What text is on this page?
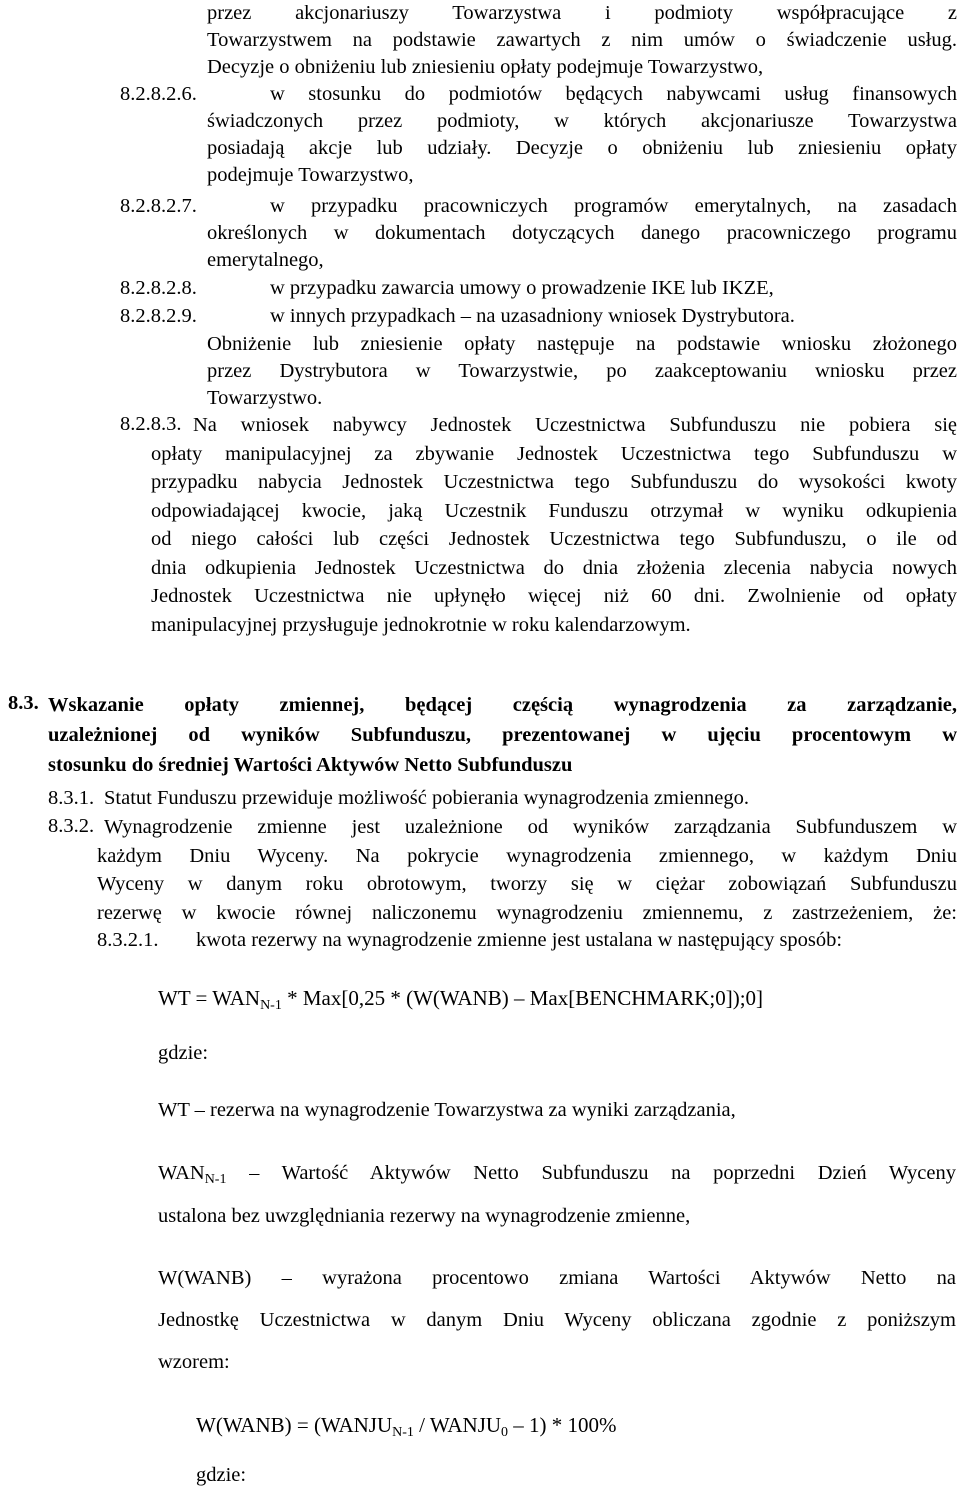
przez akcjonariuszy Towarzystwa i podmioty współpracujące z
Towarzystwem na podstawie zawartych z nim umów o świadczenie usług.
Decyzje o obniżeniu lub zniesieniu opłaty podejmuje Towarzystwo,
8.2.8.2.6.	w stosunku do podmiotów będących nabywcami usług finansowych
świadczonych przez podmioty, w których akcjonariusze Towarzystwa
posiadają akcje lub udziały. Decyzje o obniżeniu lub zniesieniu opłaty
podejmuje Towarzystwo,
8.2.8.2.7.	w przypadku pracowniczych programów emerytalnych, na zasadach
określonych w dokumentach dotyczących danego pracowniczego programu
emerytalnego,
8.2.8.2.8.	w przypadku zawarcia umowy o prowadzenie IKE lub IKZE,
8.2.8.2.9.	w innych przypadkach – na uzasadniony wniosek Dystrybutora.
Obniżenie lub zniesienie opłaty następuje na podstawie wniosku złożonego
przez Dystrybutora w Towarzystwie, po zaakceptowaniu wniosku przez
Towarzystwo.
8.2.8.3. Na wniosek nabywcy Jednostek Uczestnictwa Subfunduszu nie pobiera się
opłaty manipulacyjnej za zbywanie Jednostek Uczestnictwa tego Subfunduszu w
przypadku nabycia Jednostek Uczestnictwa tego Subfunduszu do wysokości kwoty
odpowiadającej kwocie, jaką Uczestnik Funduszu otrzymał w wyniku odkupienia
od niego całości lub części Jednostek Uczestnictwa tego Subfunduszu, o ile od
dnia odkupienia Jednostek Uczestnictwa do dnia złożenia zlecenia nabycia nowych
Jednostek Uczestnictwa nie upłynęło więcej niż 60 dni. Zwolnienie od opłaty
manipulacyjnej przysługuje jednokrotnie w roku kalendarzowym.
8.3. Wskazanie opłaty zmiennej, będącej częścią wynagrodzenia za zarządzanie,
uzależnionej od wyników Subfunduszu, prezentowanej w ujęciu procentowym w
stosunku do średniej Wartości Aktywów Netto Subfunduszu
8.3.1. Statut Funduszu przewiduje możliwość pobierania wynagrodzenia zmiennego.
8.3.2. Wynagrodzenie zmienne jest uzależnione od wyników zarządzania Subfunduszem w
każdym Dniu Wyceny. Na pokrycie wynagrodzenia zmiennego, w każdym Dniu
Wyceny w danym roku obrotowym, tworzy się w ciężar zobowiązań Subfunduszu
rezerwę w kwocie równej naliczonemu wynagrodzeniu zmiennemu, z zastrzeżeniem, że:
8.3.2.1. kwota rezerwy na wynagrodzenie zmienne jest ustalana w następujący sposób:
WT = $WAN_{N-1} * Max[0,25$ * (W(WANB) – Max[BENCHMARK;0]);0]
gdzie:
WT – rezerwa na wynagrodzenie Towarzystwa za wyniki zarządzania,
$WAN_{N-1}$ – Wartość Aktywów Netto Subfunduszu na poprzedni Dzień Wyceny
ustalona bez uwzględniania rezerwy na wynagrodzenie zmienne,
W(WANB) – wyrażona procentowo zmiana Wartości Aktywów Netto na
Jednostkę Uczestnictwa w danym Dniu Wyceny obliczana zgodnie z poniższym
wzorem:
W(WANB) = ($WANJU_{N-1}$ / $WANJU_0 - 1) * 100\%$
gdzie:
